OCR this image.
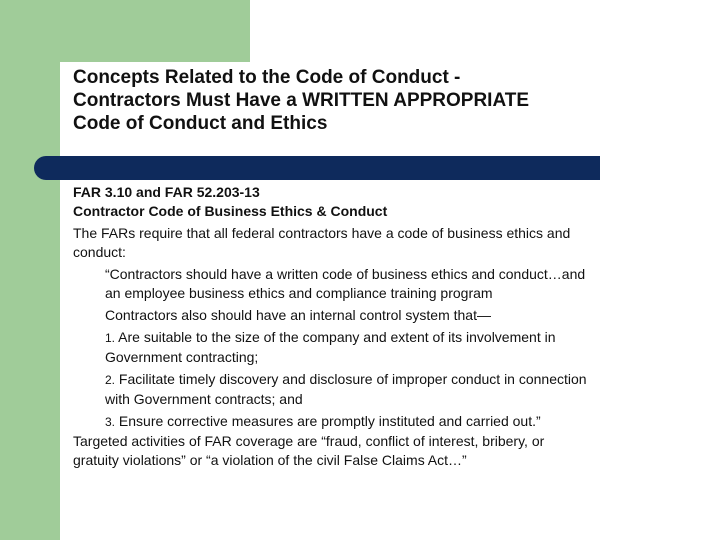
Concepts Related to the Code of Conduct -
Contractors Must Have a WRITTEN APPROPRIATE
Code of Conduct and Ethics
FAR 3.10 and FAR 52.203-13
Contractor Code of Business Ethics & Conduct
The FARs require that all federal contractors have a code of business ethics and
conduct:
“Contractors should have a written code of business ethics and conduct…and
an employee business ethics and compliance training program
Contractors also should have an internal control system that—
1. Are suitable to the size of the company and extent of its involvement in
Government contracting;
2. Facilitate timely discovery and disclosure of improper conduct in connection
with Government contracts; and
3. Ensure corrective measures are promptly instituted and carried out.”
Targeted activities of FAR coverage are “fraud, conflict of interest, bribery, or
gratuity violations” or “a violation of the civil False Claims Act…”
